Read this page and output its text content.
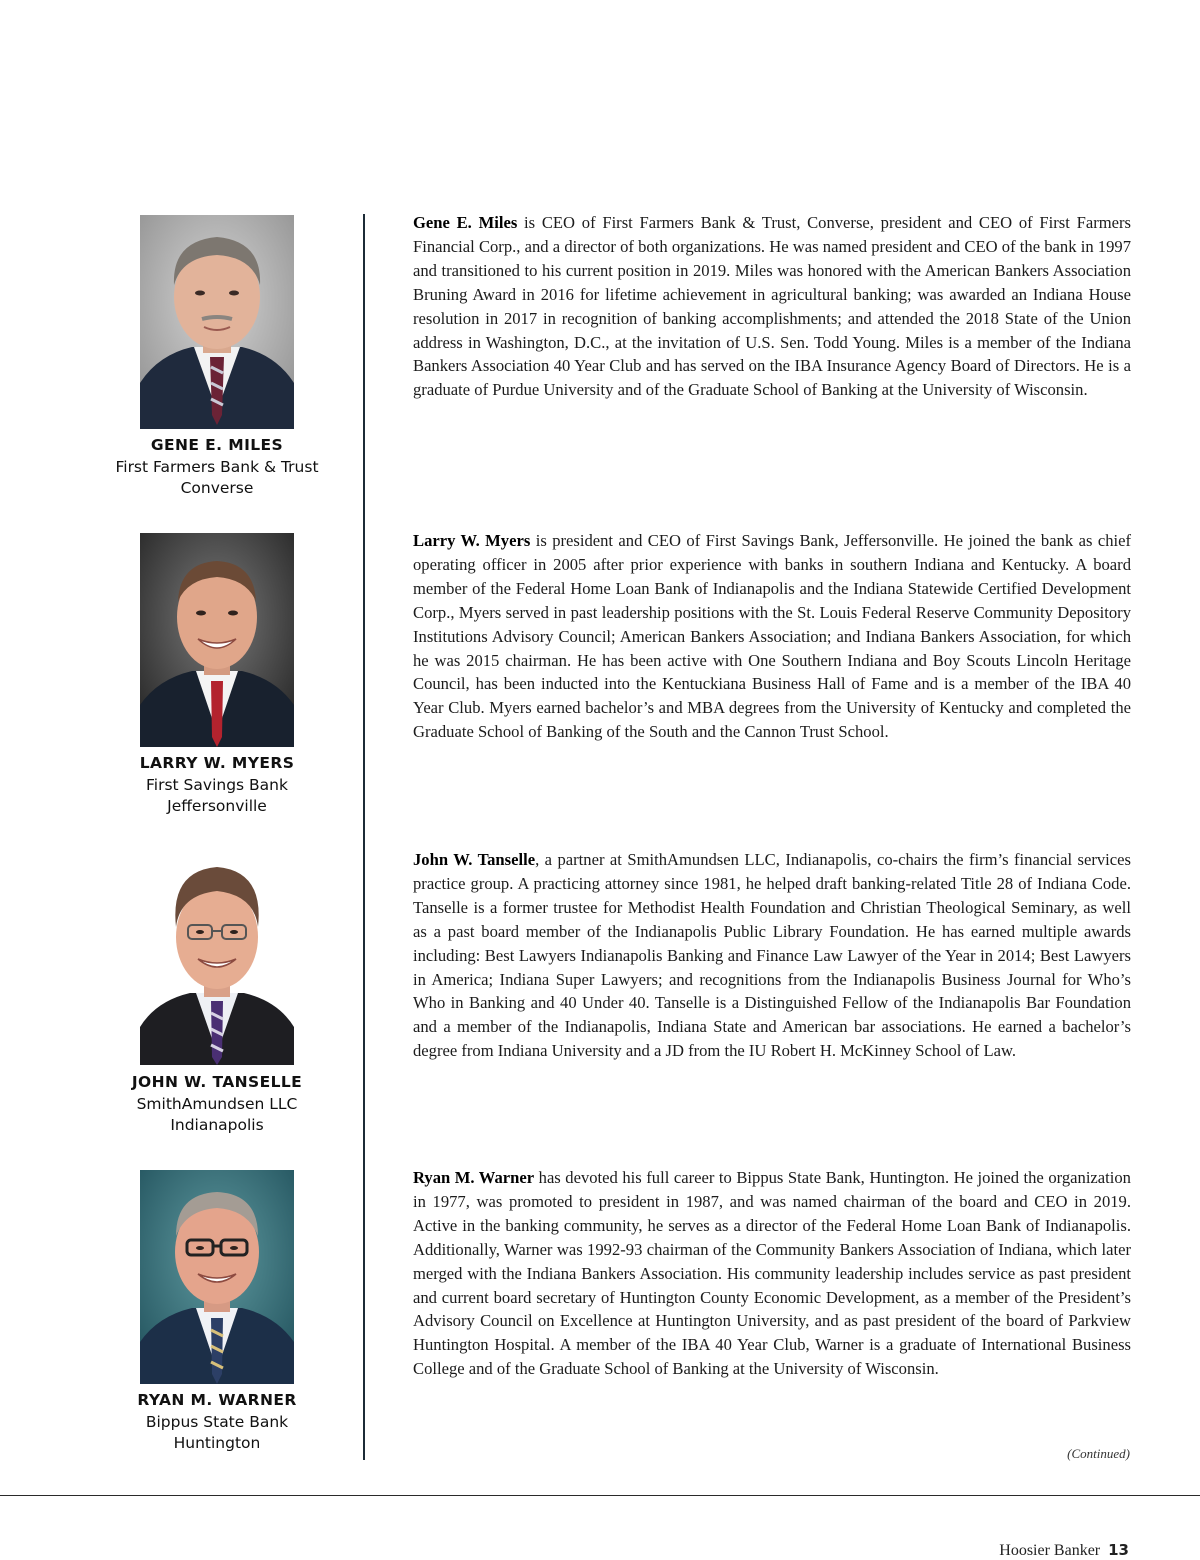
GENE E. MILES
First Farmers Bank & Trust
Converse
Gene E. Miles is CEO of First Farmers Bank & Trust, Converse, president and CEO of First Farmers Financial Corp., and a director of both organizations. He was named president and CEO of the bank in 1997 and transitioned to his current position in 2019. Miles was honored with the American Bankers Association Bruning Award in 2016 for lifetime achievement in agricultural banking; was awarded an Indiana House resolution in 2017 in recognition of banking accomplishments; and attended the 2018 State of the Union address in Washington, D.C., at the invitation of U.S. Sen. Todd Young. Miles is a member of the Indiana Bankers Association 40 Year Club and has served on the IBA Insurance Agency Board of Directors. He is a graduate of Purdue University and of the Graduate School of Banking at the University of Wisconsin.
LARRY W. MYERS
First Savings Bank
Jeffersonville
Larry W. Myers is president and CEO of First Savings Bank, Jeffersonville. He joined the bank as chief operating officer in 2005 after prior experience with banks in southern Indiana and Kentucky. A board member of the Federal Home Loan Bank of Indianapolis and the Indiana Statewide Certified Development Corp., Myers served in past leadership positions with the St. Louis Federal Reserve Community Depository Institutions Advisory Council; American Bankers Association; and Indiana Bankers Association, for which he was 2015 chairman. He has been active with One Southern Indiana and Boy Scouts Lincoln Heritage Council, has been inducted into the Kentuckiana Business Hall of Fame and is a member of the IBA 40 Year Club. Myers earned bachelor’s and MBA degrees from the University of Kentucky and completed the Graduate School of Banking of the South and the Cannon Trust School.
JOHN W. TANSELLE
SmithAmundsen LLC
Indianapolis
John W. Tanselle, a partner at SmithAmundsen LLC, Indianapolis, co-chairs the firm’s financial services practice group. A practicing attorney since 1981, he helped draft banking-related Title 28 of Indiana Code. Tanselle is a former trustee for Methodist Health Foundation and Christian Theological Seminary, as well as a past board member of the Indianapolis Public Library Foundation. He has earned multiple awards including: Best Lawyers Indianapolis Banking and Finance Law Lawyer of the Year in 2014; Best Lawyers in America; Indiana Super Lawyers; and recognitions from the Indianapolis Business Journal for Who’s Who in Banking and 40 Under 40. Tanselle is a Distinguished Fellow of the Indianapolis Bar Foundation and a member of the Indianapolis, Indiana State and American bar associations. He earned a bachelor’s degree from Indiana University and a JD from the IU Robert H. McKinney School of Law.
RYAN M. WARNER
Bippus State Bank
Huntington
Ryan M. Warner has devoted his full career to Bippus State Bank, Huntington. He joined the organization in 1977, was promoted to president in 1987, and was named chairman of the board and CEO in 2019. Active in the banking community, he serves as a director of the Federal Home Loan Bank of Indianapolis. Additionally, Warner was 1992-93 chairman of the Community Bankers Association of Indiana, which later merged with the Indiana Bankers Association. His community leadership includes service as past president and current board secretary of Huntington County Economic Development, as a member of the President’s Advisory Council on Excellence at Huntington University, and as past president of the board of Parkview Huntington Hospital. A member of the IBA 40 Year Club, Warner is a graduate of International Business College and of the Graduate School of Banking at the University of Wisconsin.
(Continued)
Hoosier Banker 13
